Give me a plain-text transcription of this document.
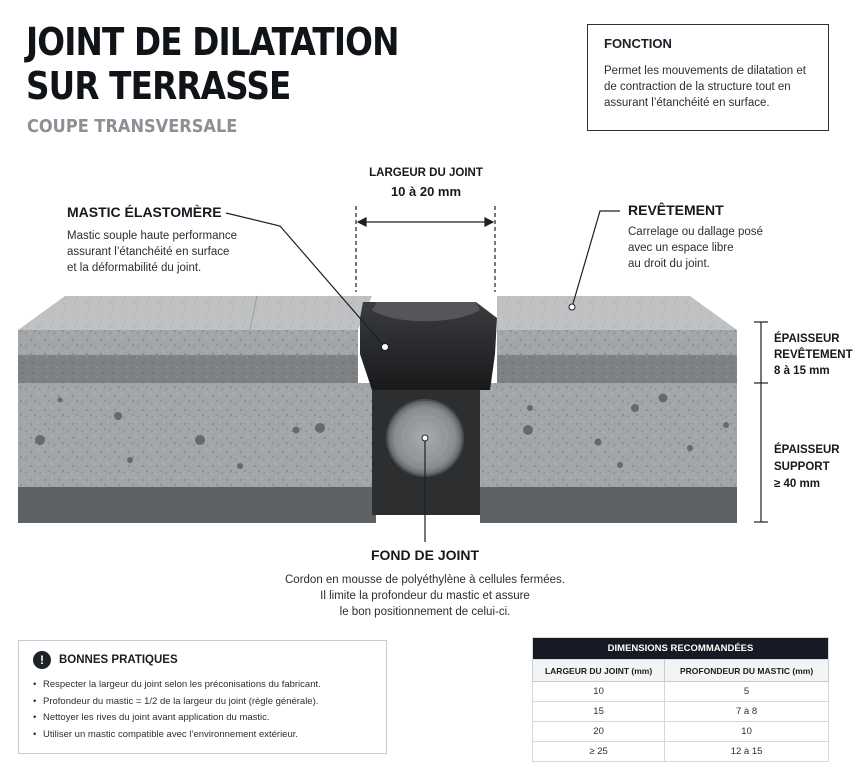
JOINT DE DILATATION
SUR TERRASSE
COUPE TRANSVERSALE
FONCTION
Permet les mouvements de dilatation et de contraction de la structure tout en assurant l’étanchéité en surface.
LARGEUR DU JOINT
10 à 20 mm
MASTIC ÉLASTOMÈRE
Mastic souple haute performance
assurant l’étanchéité en surface
et la déformabilité du joint.
REVÊTEMENT
Carrelage ou dallage posé
avec un espace libre
au droit du joint.
ÉPAISSEUR
REVÊTEMENT
8 à 15 mm
ÉPAISSEUR
SUPPORT
≥ 40 mm
FOND DE JOINT
Cordon en mousse de polyéthylène à cellules fermées.
Il limite la profondeur du mastic et assure
le bon positionnement de celui-ci.
!	BONNES PRATIQUES
• Respecter la largeur du joint selon les préconisations du fabricant.
• Profondeur du mastic = 1/2 de la largeur du joint (règle générale).
• Nettoyer les rives du joint avant application du mastic.
• Utiliser un mastic compatible avec l’environnement extérieur.
DIMENSIONS RECOMMANDÉES	
LARGEUR DU JOINT (mm)	PROFONDEUR DU MASTIC (mm)
10	5
15	7 à 8
20	10
≥ 25	12 à 15
